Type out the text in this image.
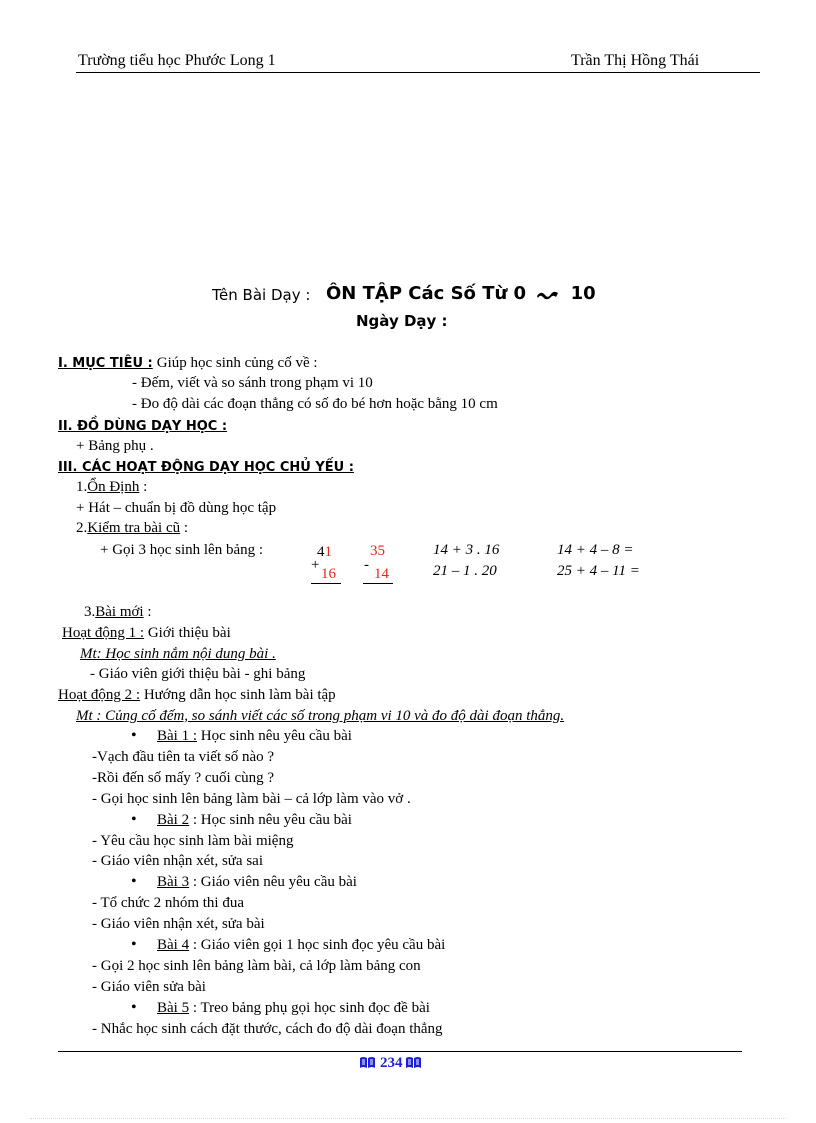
Trường tiểu học Phước Long 1	Trần Thị Hồng Thái
Tên Bài Dạy : ÔN TẬP Các Số Từ 0 10
Ngày Dạy :
I. MỤC TIÊU : Giúp học sinh củng cố về :
- Đếm, viết và so sánh trong phạm vi 10
- Đo độ dài các đoạn thẳng có số đo bé hơn hoặc bằng 10 cm
II. ĐỒ DÙNG DẠY HỌC :
+ Bảng phụ .
III. CÁC HOẠT ĐỘNG DẠY HỌC CHỦ YẾU :
1.Ổn Định :
+ Hát – chuẩn bị đồ dùng học tập
2.Kiểm tra bài cũ :
+ Gọi 3 học sinh lên bảng :	41
+
16
35
-
14
14 + 3 . 16
21 – 1 . 20
14 + 4 – 8 =
25 + 4 – 11 =
3.Bài mới :
Hoạt động 1 : Giới thiệu bài
Mt: Học sinh nắm nội dung bài .
- Giáo viên giới thiệu bài - ghi bảng
Hoạt động 2 : Hướng dẫn học sinh làm bài tập
Mt : Củng cố đếm, so sánh viết các số trong phạm vi 10 và đo độ dài đoạn thẳng.
• Bài 1 : Học sinh nêu yêu cầu bài
-Vạch đầu tiên ta viết số nào ?
-Rồi đến số mấy ? cuối cùng ?
- Gọi học sinh lên bảng làm bài – cả lớp làm vào vở .
• Bài 2 : Học sinh nêu yêu cầu bài
- Yêu cầu học sinh làm bài miệng
- Giáo viên nhận xét, sửa sai
• Bài 3 : Giáo viên nêu yêu cầu bài
- Tổ chức 2 nhóm thi đua
- Giáo viên nhận xét, sửa bài
• Bài 4 : Giáo viên gọi 1 học sinh đọc yêu cầu bài
- Gọi 2 học sinh lên bảng làm bài, cả lớp làm bảng con
- Giáo viên sửa bài
• Bài 5 : Treo bảng phụ gọi học sinh đọc đề bài
- Nhắc học sinh cách đặt thước, cách đo độ dài đoạn thẳng
234
